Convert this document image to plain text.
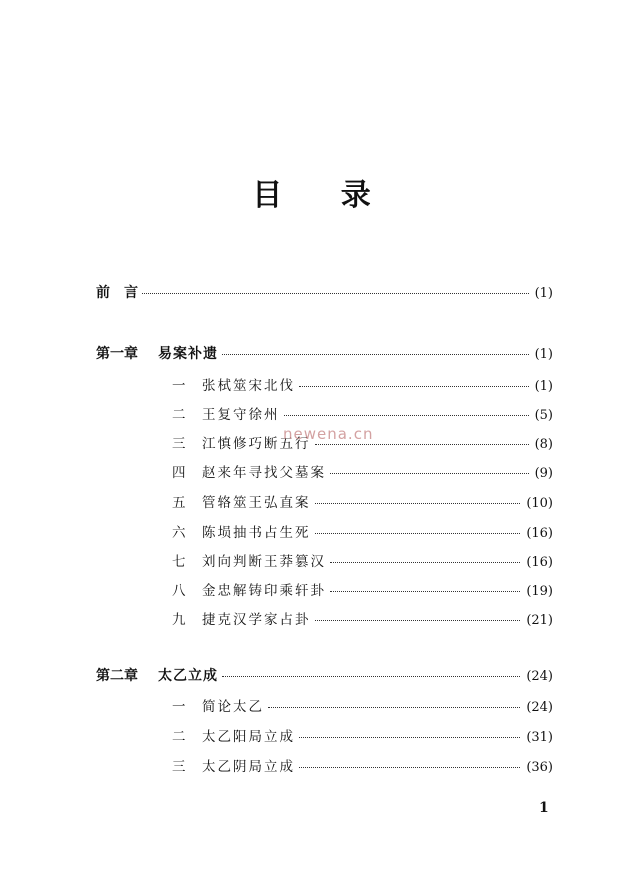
目 录
前　言	(1)
第一章 易案补遗	(1)
一	张栻筮宋北伐	(1)
二	王复守徐州	(5)
三	江慎修巧断五行	(8)
四	赵来年寻找父墓案	(9)
五	管辂筮王弘直案	(10)
六	陈埙抽书占生死	(16)
七	刘向判断王莽篡汉	(16)
八	金忠解铸印乘轩卦	(19)
九	捷克汉学家占卦	(21)
第二章 太乙立成	(24)
一	简论太乙	(24)
二	太乙阳局立成	(31)
三	太乙阴局立成	(36)
newena.cn
1
